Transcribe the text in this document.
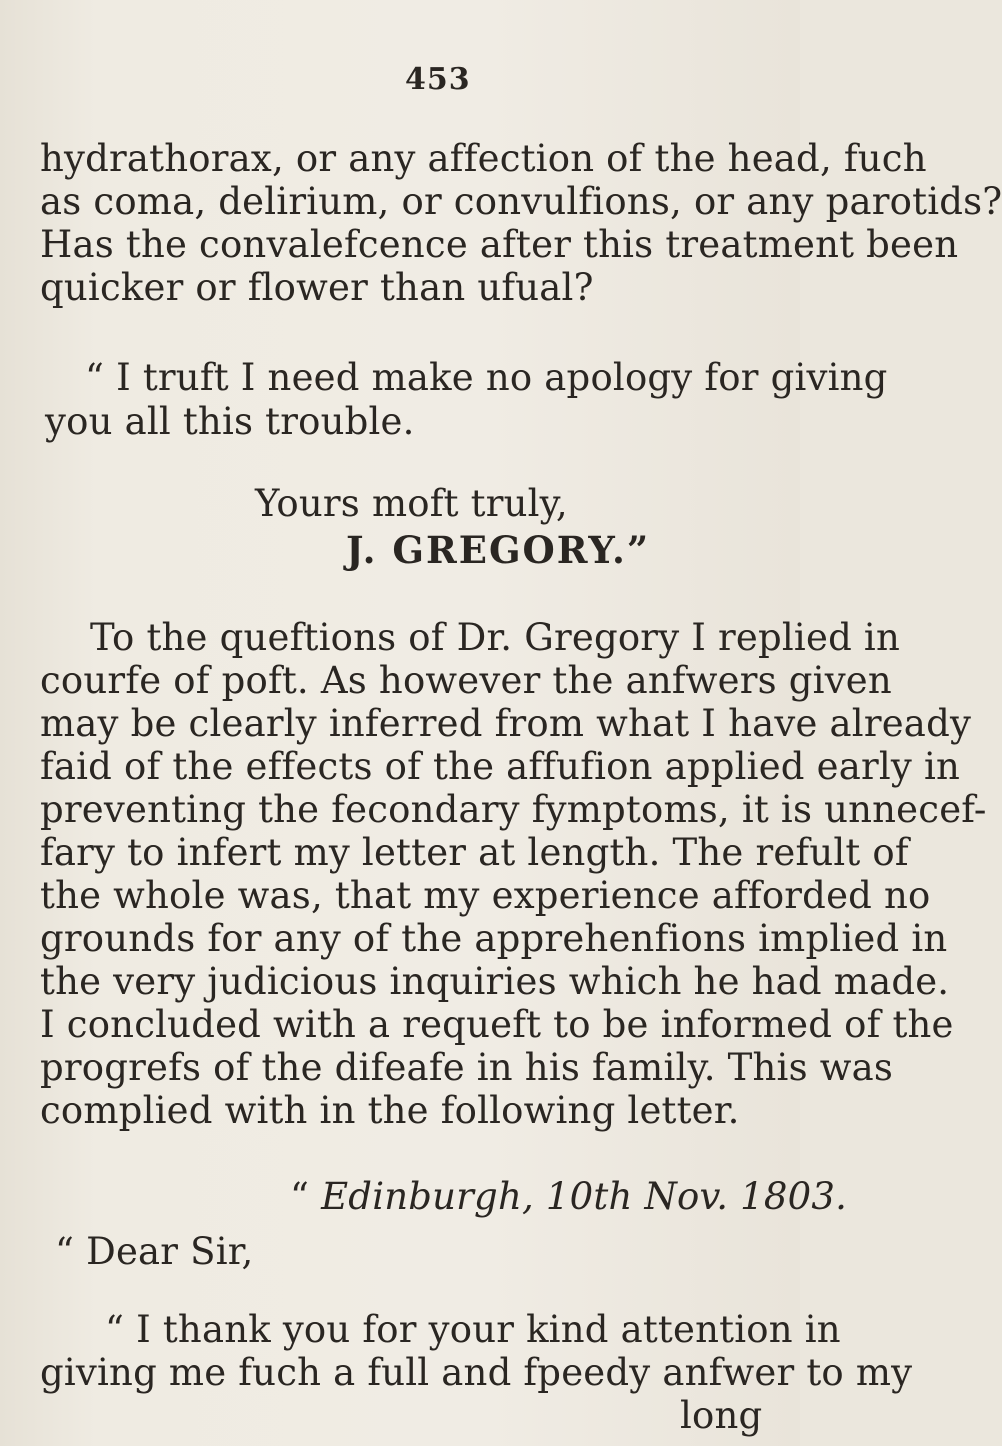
453
hydrathorax, or any affection of the head, fuch
as coma, delirium, or convulfions, or any parotids?
Has the convalefcence after this treatment been
quicker or flower than ufual?
“ I truft I need make no apology for giving
you all this trouble.
Yours moft truly,
J. GREGORY.”
To the queftions of Dr. Gregory I replied in
courfe of poft. As however the anfwers given
may be clearly inferred from what I have already
faid of the effects of the affufion applied early in
preventing the fecondary fymptoms, it is unnecef-
fary to infert my letter at length. The refult of
the whole was, that my experience afforded no
grounds for any of the apprehenfions implied in
the very judicious inquiries which he had made.
I concluded with a requeft to be informed of the
progrefs of the difeafe in his family. This was
complied with in the following letter.
“ Edinburgh, 10th Nov. 1803.
“ Dear Sir,
“ I thank you for your kind attention in
giving me fuch a full and fpeedy anfwer to my
long
